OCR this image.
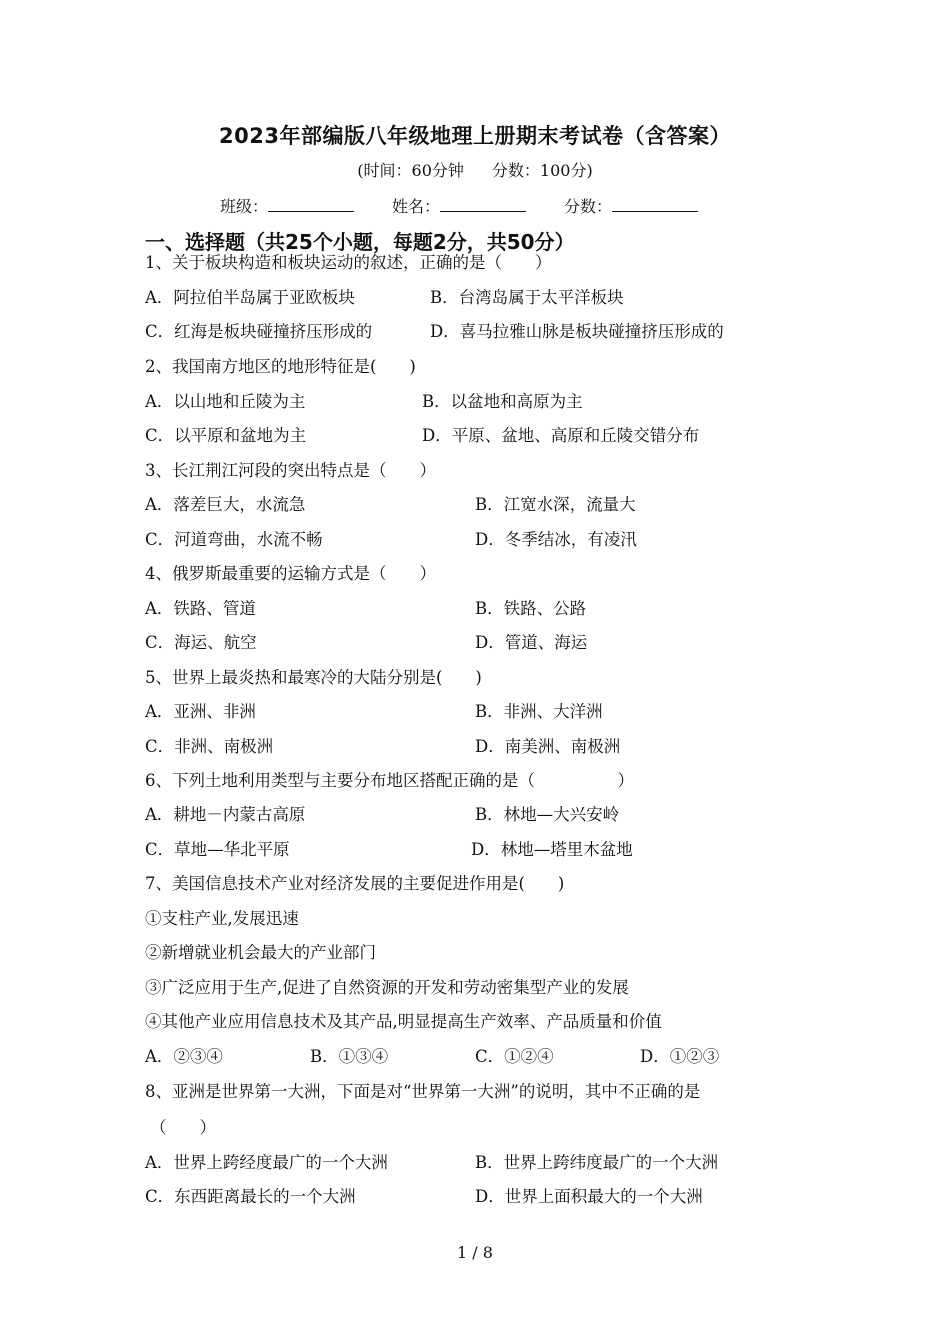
2023年部编版八年级地理上册期末考试卷（含答案）
(时间：60分钟 分数：100分)
班级：	姓名：	分数：
一、选择题（共25个小题，每题2分，共50分）
1、关于板块构造和板块运动的叙述，正确的是（　　）
A．阿拉伯半岛属于亚欧板块	B．台湾岛属于太平洋板块
C．红海是板块碰撞挤压形成的	D．喜马拉雅山脉是板块碰撞挤压形成的
2、我国南方地区的地形特征是(　　)
A．以山地和丘陵为主	B．以盆地和高原为主
C．以平原和盆地为主	D．平原、盆地、高原和丘陵交错分布
3、长江荆江河段的突出特点是（　　）
A．落差巨大，水流急	B．江宽水深，流量大
C．河道弯曲，水流不畅	D．冬季结冰，有凌汛
4、俄罗斯最重要的运输方式是（　　）
A．铁路、管道	B．铁路、公路
C．海运、航空	D．管道、海运
5、世界上最炎热和最寒冷的大陆分别是(　　)
A．亚洲、非洲	B．非洲、大洋洲
C．非洲、南极洲	D．南美洲、南极洲
6、下列土地利用类型与主要分布地区搭配正确的是（　　　　　）
A．耕地－内蒙古高原	B．林地—大兴安岭
C．草地—华北平原	D．林地—塔里木盆地
7、美国信息技术产业对经济发展的主要促进作用是(　　)
①支柱产业,发展迅速
②新增就业机会最大的产业部门
③广泛应用于生产,促进了自然资源的开发和劳动密集型产业的发展
④其他产业应用信息技术及其产品,明显提高生产效率、产品质量和价值
A．②③④	B．①③④	C．①②④	D．①②③
8、亚洲是世界第一大洲，下面是对“世界第一大洲”的说明，其中不正确的是
（　　）
A．世界上跨经度最广的一个大洲	B．世界上跨纬度最广的一个大洲
C．东西距离最长的一个大洲	D．世界上面积最大的一个大洲
1 / 8
